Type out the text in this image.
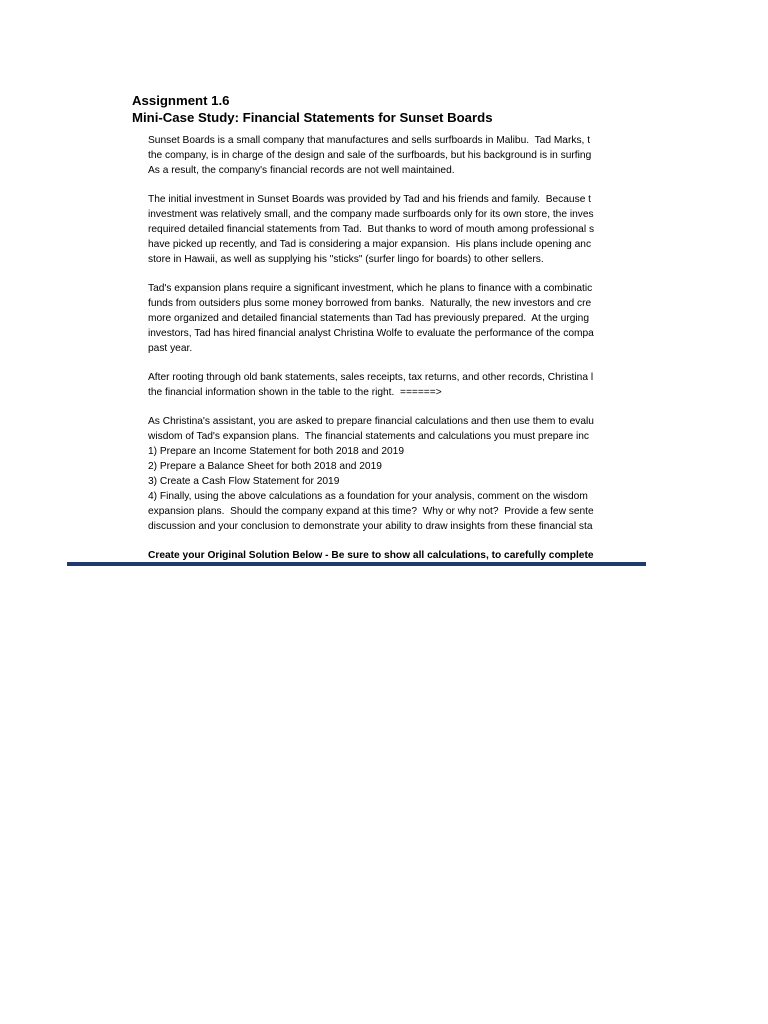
Assignment 1.6
Mini-Case Study: Financial Statements for Sunset Boards
Sunset Boards is a small company that manufactures and sells surfboards in Malibu.  Tad Marks, t
the company, is in charge of the design and sale of the surfboards, but his background is in surfing
As a result, the company's financial records are not well maintained.
The initial investment in Sunset Boards was provided by Tad and his friends and family.  Because t
investment was relatively small, and the company made surfboards only for its own store, the inves
required detailed financial statements from Tad.  But thanks to word of mouth among professional s
have picked up recently, and Tad is considering a major expansion.  His plans include opening anc
store in Hawaii, as well as supplying his "sticks" (surfer lingo for boards) to other sellers.
Tad's expansion plans require a significant investment, which he plans to finance with a combinatic
funds from outsiders plus some money borrowed from banks.  Naturally, the new investors and cre
more organized and detailed financial statements than Tad has previously prepared.  At the urging
investors, Tad has hired financial analyst Christina Wolfe to evaluate the performance of the compa
past year.
After rooting through old bank statements, sales receipts, tax returns, and other records, Christina l
the financial information shown in the table to the right.  ======>
As Christina's assistant, you are asked to prepare financial calculations and then use them to evalu
wisdom of Tad's expansion plans.  The financial statements and calculations you must prepare inc
1) Prepare an Income Statement for both 2018 and 2019
2) Prepare a Balance Sheet for both 2018 and 2019
3) Create a Cash Flow Statement for 2019
4) Finally, using the above calculations as a foundation for your analysis, comment on the wisdom
expansion plans.  Should the company expand at this time?  Why or why not?  Provide a few sente
discussion and your conclusion to demonstrate your ability to draw insights from these financial sta
Create your Original Solution Below - Be sure to show all calculations, to carefully complete
